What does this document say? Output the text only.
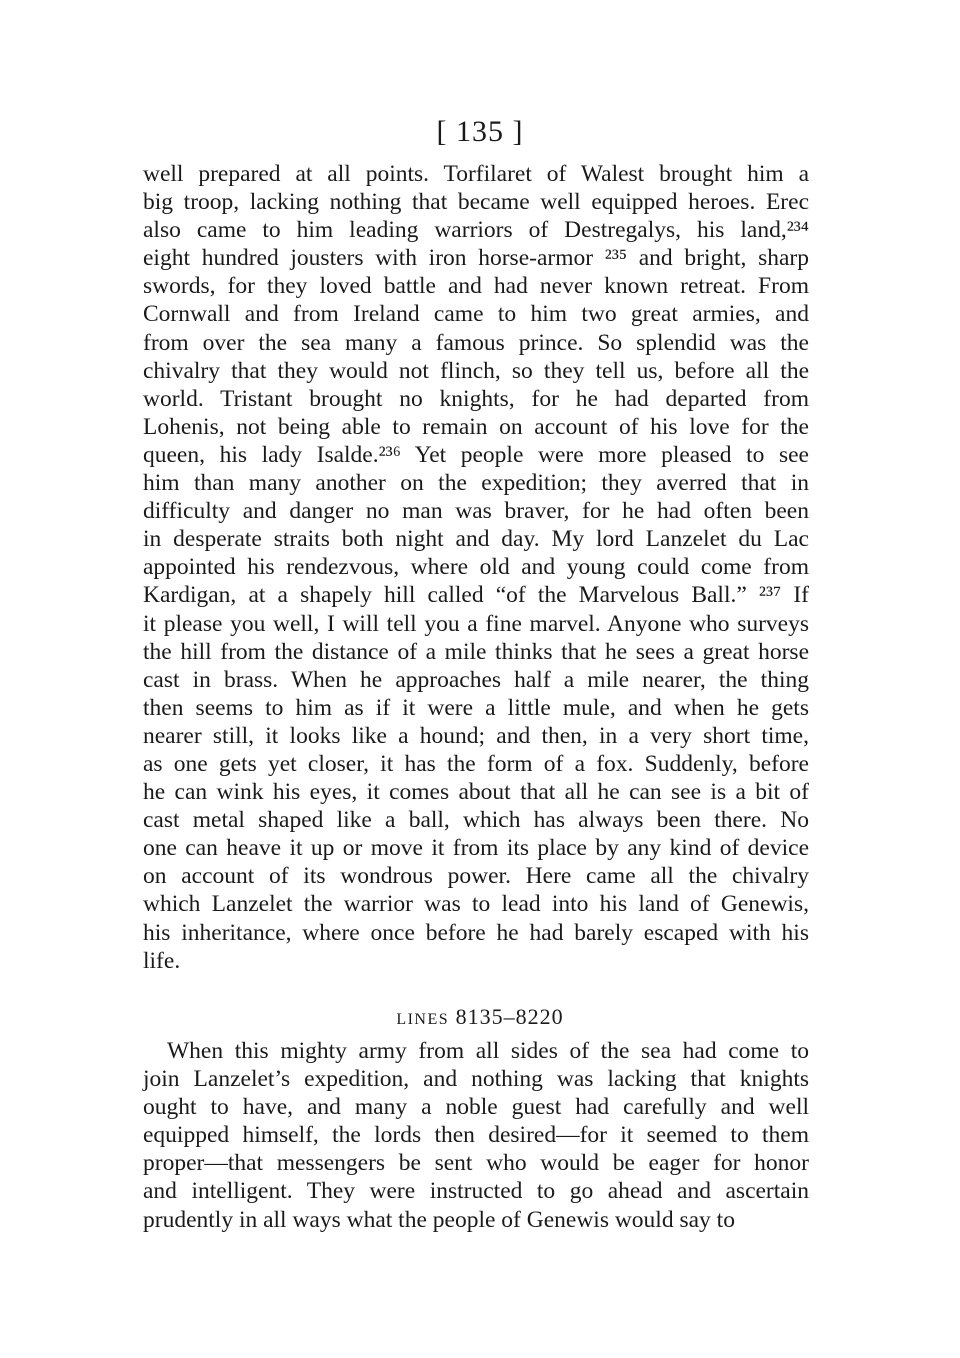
[ 135 ]
well prepared at all points. Torfilaret of Walest brought him a
big troop, lacking nothing that became well equipped heroes. Erec
also came to him leading warriors of Destregalys, his land,²³⁴
eight hundred jousters with iron horse-armor ²³⁵ and bright, sharp
swords, for they loved battle and had never known retreat. From
Cornwall and from Ireland came to him two great armies, and
from over the sea many a famous prince. So splendid was the
chivalry that they would not flinch, so they tell us, before all the
world. Tristant brought no knights, for he had departed from
Lohenis, not being able to remain on account of his love for the
queen, his lady Isalde.²³⁶ Yet people were more pleased to see
him than many another on the expedition; they averred that in
difficulty and danger no man was braver, for he had often been
in desperate straits both night and day. My lord Lanzelet du Lac
appointed his rendezvous, where old and young could come from
Kardigan, at a shapely hill called “of the Marvelous Ball.” ²³⁷ If
it please you well, I will tell you a fine marvel. Anyone who surveys
the hill from the distance of a mile thinks that he sees a great horse
cast in brass. When he approaches half a mile nearer, the thing
then seems to him as if it were a little mule, and when he gets
nearer still, it looks like a hound; and then, in a very short time,
as one gets yet closer, it has the form of a fox. Suddenly, before
he can wink his eyes, it comes about that all he can see is a bit of
cast metal shaped like a ball, which has always been there. No
one can heave it up or move it from its place by any kind of device
on account of its wondrous power. Here came all the chivalry
which Lanzelet the warrior was to lead into his land of Genewis,
his inheritance, where once before he had barely escaped with his
life.
LINES 8135–8220
When this mighty army from all sides of the sea had come to
join Lanzelet’s expedition, and nothing was lacking that knights
ought to have, and many a noble guest had carefully and well
equipped himself, the lords then desired—for it seemed to them
proper—that messengers be sent who would be eager for honor
and intelligent. They were instructed to go ahead and ascertain
prudently in all ways what the people of Genewis would say to
